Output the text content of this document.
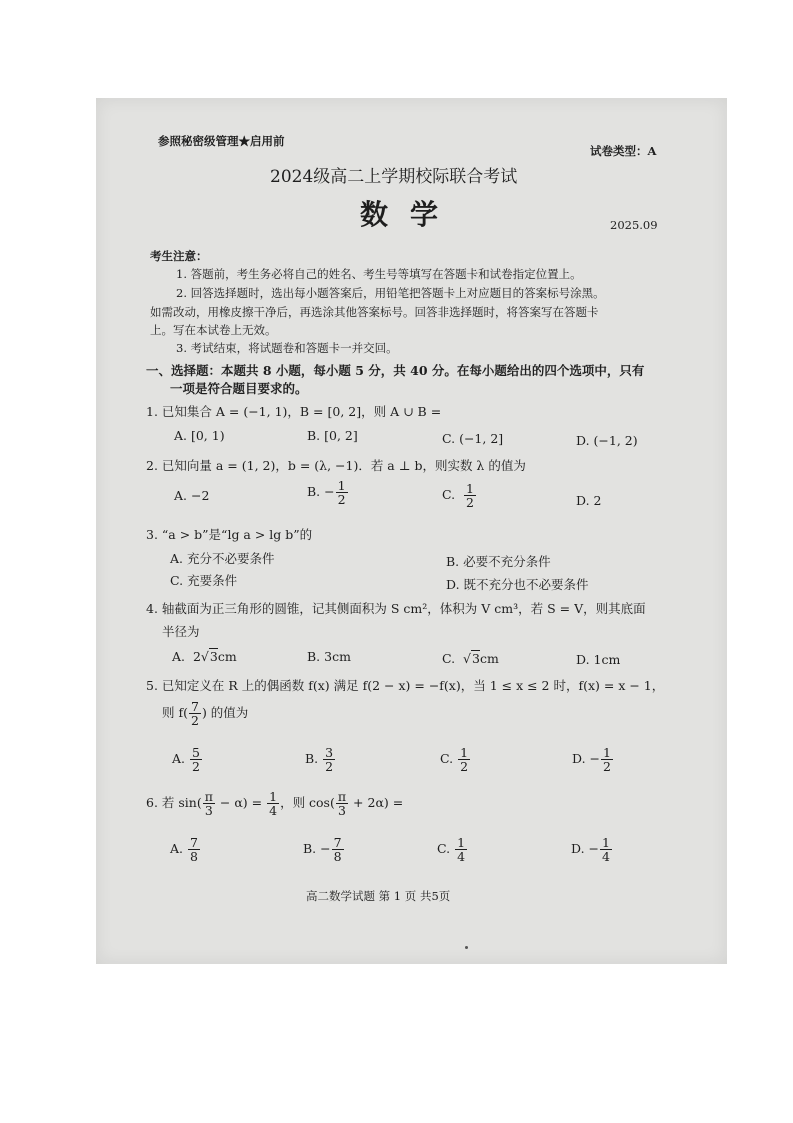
参照秘密级管理★启用前
试卷类型：A
2024级高二上学期校际联合考试
数学	2025.09
考生注意：
1. 答题前，考生务必将自己的姓名、考生号等填写在答题卡和试卷指定位置上。
2. 回答选择题时，选出每小题答案后，用铅笔把答题卡上对应题目的答案标号涂黑。
如需改动，用橡皮擦干净后，再选涂其他答案标号。回答非选择题时，将答案写在答题卡
上。写在本试卷上无效。
3. 考试结束，将试题卷和答题卡一并交回。
一、选择题：本题共 8 小题，每小题 5 分，共 40 分。在每小题给出的四个选项中，只有
一项是符合题目要求的。
1. 已知集合 A = (−1, 1)，B = [0, 2]，则 A ∪ B =
A. [0, 1)	B. [0, 2]	C. (−1, 2]	D. (−1, 2)
2. 已知向量 a = (1, 2)，b = (λ, −1)．若 a ⊥ b，则实数 λ 的值为
A. −2	B. − $\frac{1}{2}$	C. $\frac{1}{2}$	D. 2
3. “a > b”是“lg a > lg b”的
A. 充分不必要条件	B. 必要不充分条件
C. 充要条件	D. 既不充分也不必要条件
4. 轴截面为正三角形的圆锥，记其侧面积为 S cm²，体积为 V cm³，若 S = V，则其底面
半径为
A. 2√3cm	B. 3cm	C.  √3cm	D. 1cm
5. 已知定义在 R 上的偶函数 f(x) 满足 f(2 − x) = −f(x)，当 1 ≤ x ≤ 2 时，f(x) = x − 1，
则 $f( \frac{7}{2}$ ) 的值为
A. $\frac{5}{2}$	B. $\frac{3}{2}$	C. $\frac{1}{2}$	D. − $\frac{1}{2}$
6. 若 $\sin( \frac{\pi}{3} - \alpha) = \frac{1}{4}$ ，则 $\cos( \frac{\pi}{3} + 2\alpha)$ =
A. $\frac{7}{8}$	B. − $\frac{7}{8}$	C. $\frac{1}{4}$	D. − $\frac{1}{4}$
高二数学试题 第 1 页 共5页
